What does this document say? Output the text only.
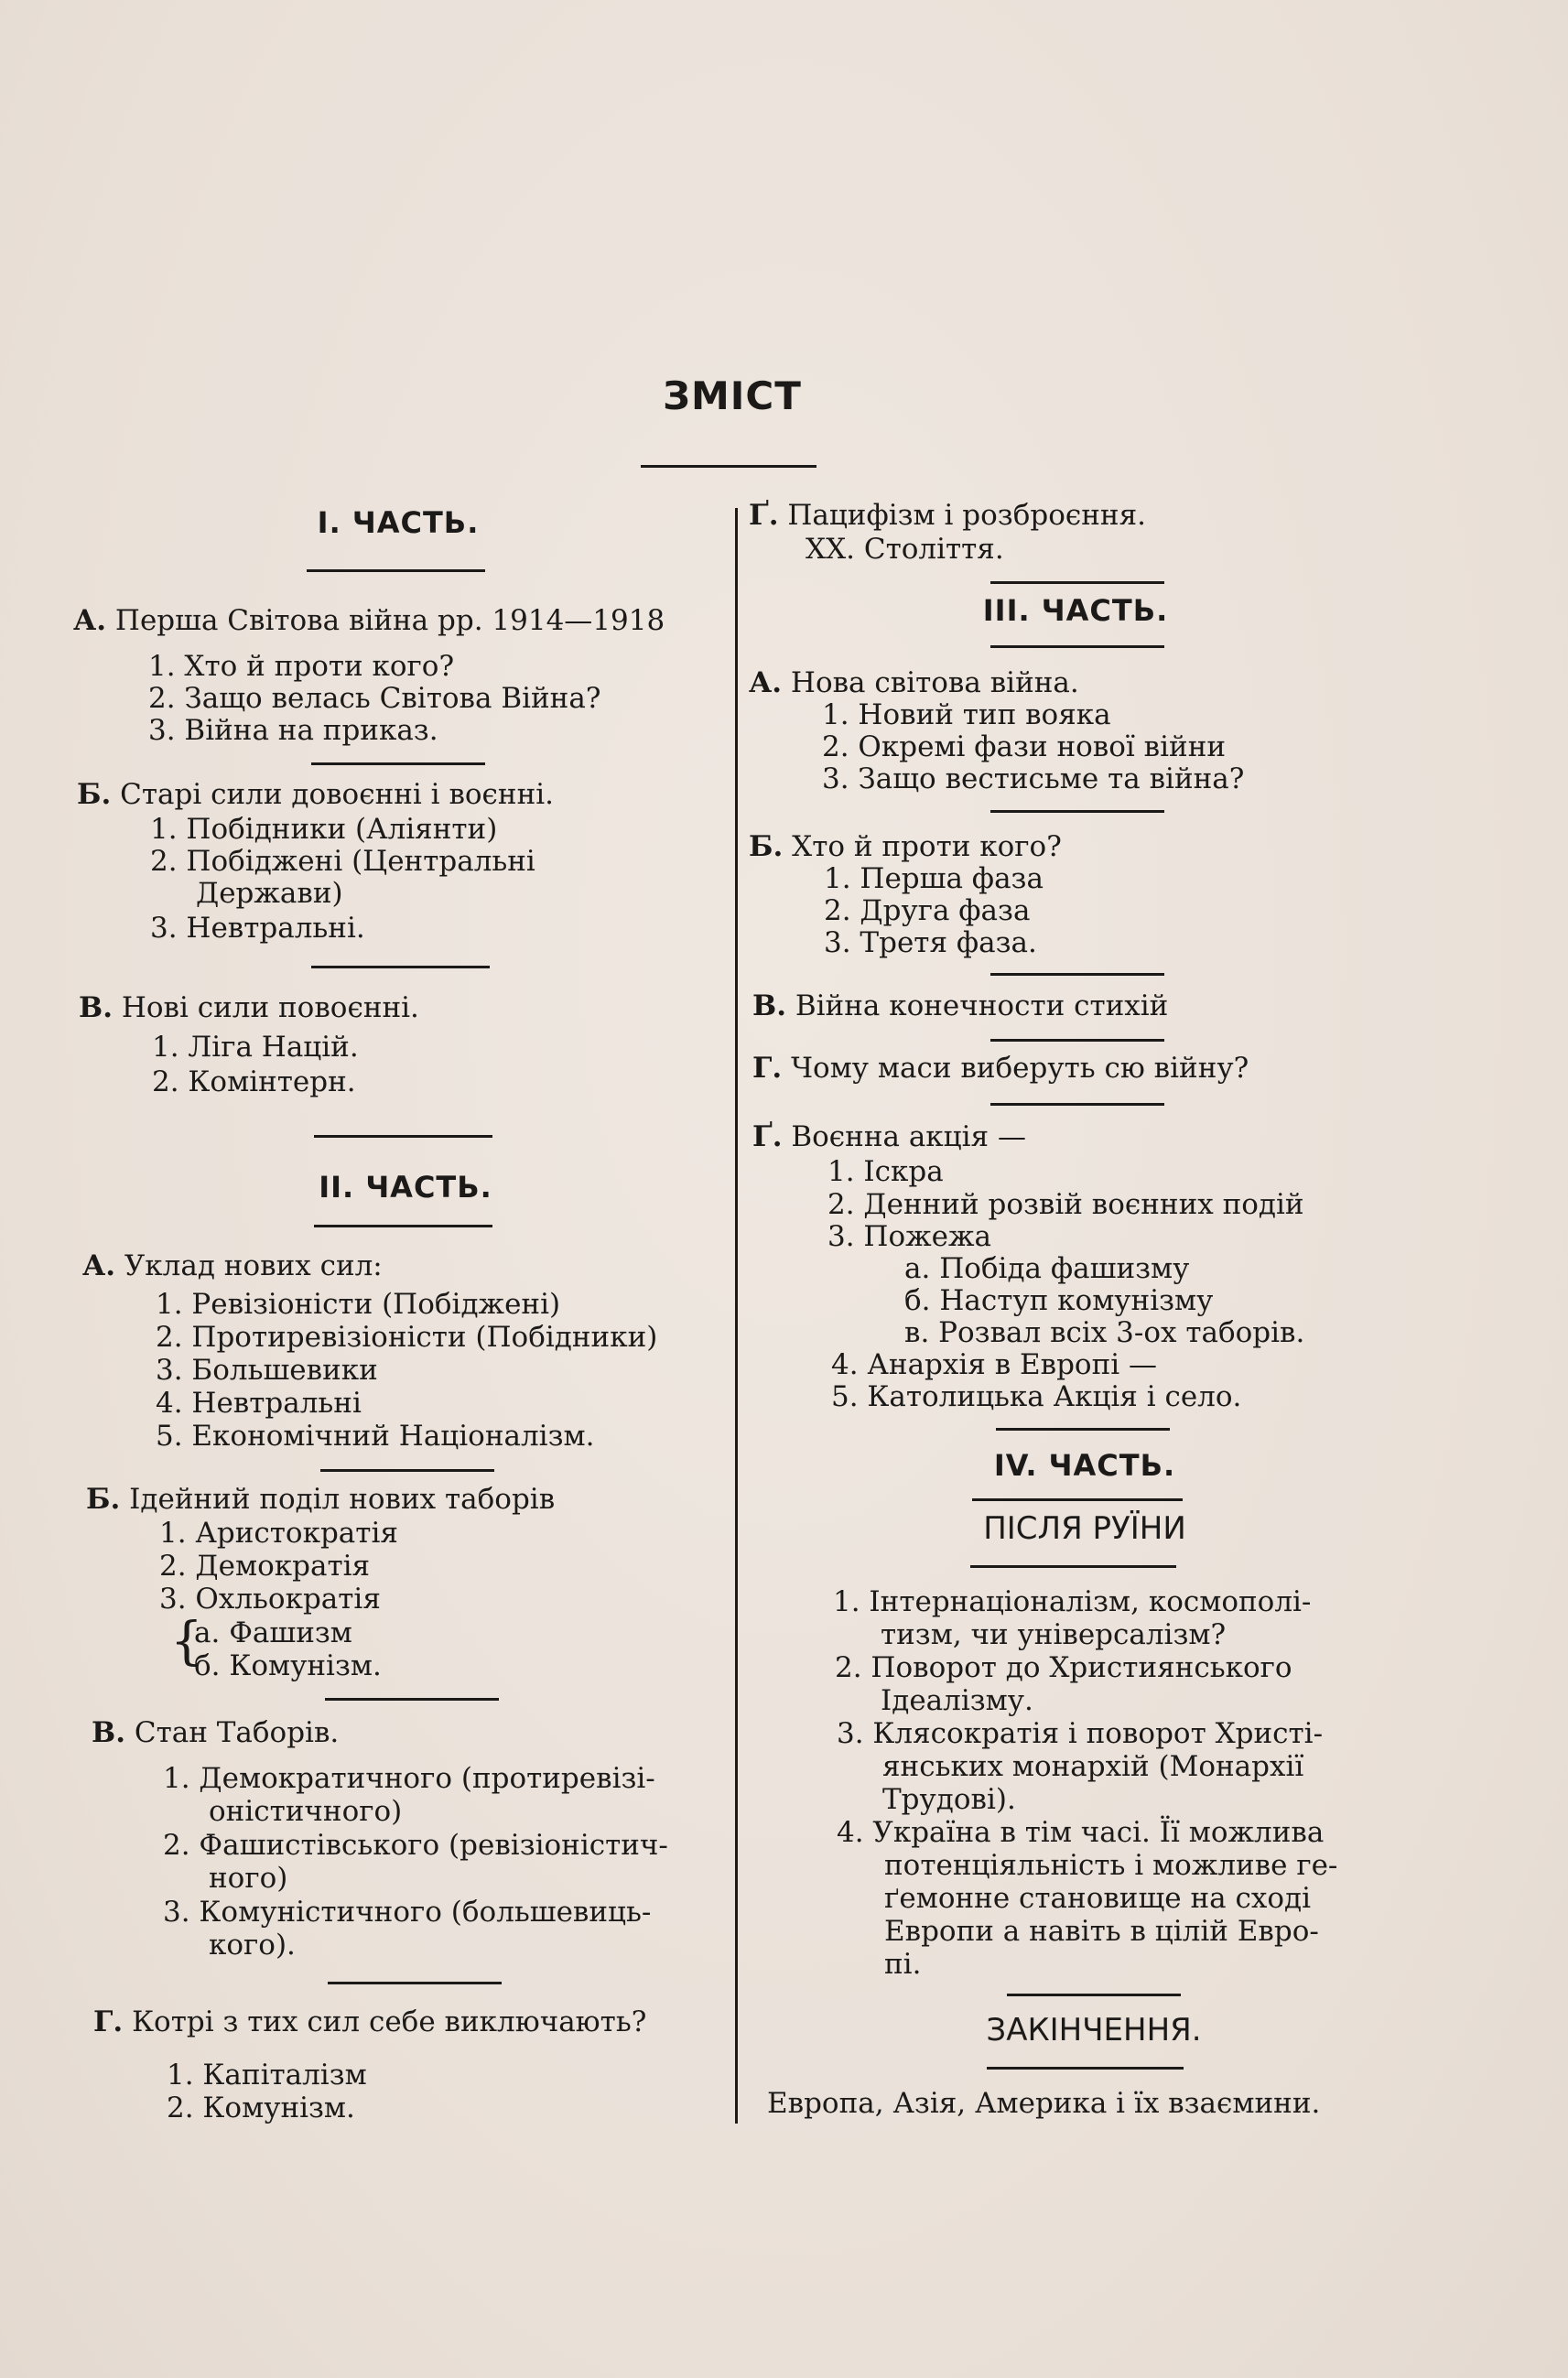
ЗМІСТ
І. ЧАСТЬ.
А. Перша Світова війна рр. 1914—1918
1. Хто й проти кого?
2. Защо велась Світова Війна?
3. Війна на приказ.
Б. Старі сили довоєнні і воєнні.
1. Побідники (Аліянти)
2. Побіджені (Центральні
Держави)
3. Невтральні.
В. Нові сили повоєнні.
1. Ліга Націй.
2. Комінтерн.
ІІ. ЧАСТЬ.
А. Уклад нових сил:
1. Ревізіоністи (Побіджені)
2. Протиревізіоністи (Побідники)
3. Большевики
4. Невтральні
5. Економічний Націоналізм.
Б. Ідейний поділ нових таборів
1. Аристократія
2. Демократія
3. Охльократія
{
а. Фашизм
б. Комунізм.
В. Стан Таборів.
1. Демократичного (протиревізі-
оністичного)
2. Фашистівського (ревізіоністич-
ного)
3. Комуністичного (большевиць-
кого).
Г. Котрі з тих сил себе виключають?
1. Капіталізм
2. Комунізм.
Ґ. Пацифізм і розброєння.
ХХ. Століття.
ІІІ. ЧАСТЬ.
А. Нова світова війна.
1. Новий тип вояка
2. Окремі фази нової війни
3. Защо вестисьме та війна?
Б. Хто й проти кого?
1. Перша фаза
2. Друга фаза
3. Третя фаза.
В. Війна конечности стихій
Г. Чому маси виберуть сю війну?
Ґ. Воєнна акція —
1. Іскра
2. Денний розвій воєнних подій
3. Пожежа
а. Побіда фашизму
б. Наступ комунізму
в. Розвал всіх 3-ох таборів.
4. Анархія в Европі —
5. Католицька Акція і село.
IV. ЧАСТЬ.
ПІСЛЯ РУЇНИ
1. Інтернаціоналізм, космополі-
тизм, чи універсалізм?
2. Поворот до Християнського
Ідеалізму.
3. Клясократія і поворот Христі-
янських монархій (Монархії
Трудові).
4. Україна в тім часі. Її можлива
потенціяльність і можливе ге-
ґемонне становище на сході
Европи а навіть в цілій Евро-
пі.
ЗАКІНЧЕННЯ.
Европа, Азія, Америка і їх взаємини.
